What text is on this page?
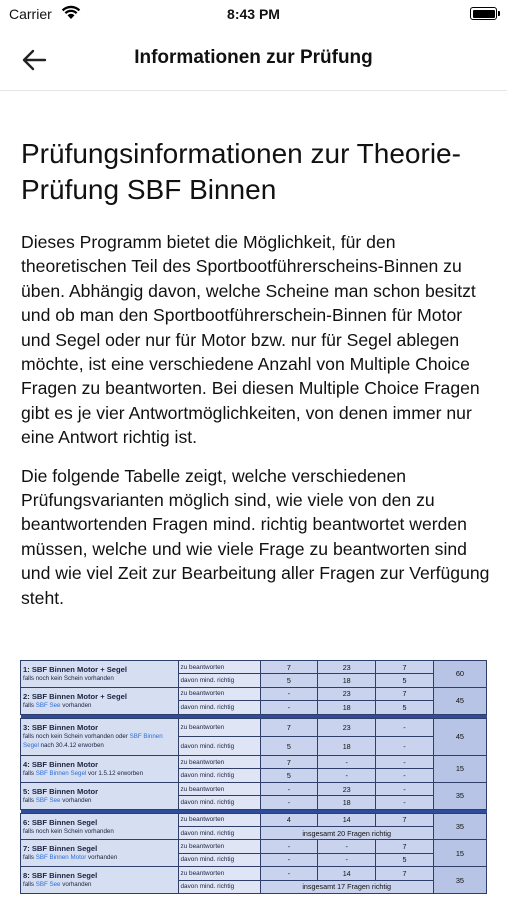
Carrier	8:43 PM
Informationen zur Prüfung
Prüfungsinformationen zur Theorie-Prüfung SBF Binnen

Dieses Programm bietet die Möglichkeit, für den theoretischen Teil des Sportbootführerscheins-Binnen zu üben. Abhängig davon, welche Scheine man schon besitzt und ob man den Sportbootführerschein-Binnen für Motor und Segel oder nur für Motor bzw. nur für Segel ablegen möchte, ist eine verschiedene Anzahl von Multiple Choice Fragen zu beantworten. Bei diesen Multiple Choice Fragen gibt es je vier Antwortmöglichkeiten, von denen immer nur eine Antwort richtig ist.

Die folgende Tabelle zeigt, welche verschiedenen Prüfungsvarianten möglich sind, wie viele von den zu beantwortenden Fragen mind. richtig beantwortet werden müssen, welche und wie viele Frage zu beantworten sind und wie viel Zeit zur Bearbeitung aller Fragen zur Verfügung steht.

1: SBF Binnen Motor + Segel
falls noch kein Schein vorhanden	zu beantworten	7	23	7	60
	davon mind. richtig	5	18	5	

2: SBF Binnen Motor + Segel
falls SBF See vorhanden	zu beantworten	-	23	7	45
	davon mind. richtig	-	18	5	

3: SBF Binnen Motor
falls noch kein Schein vorhanden oder SBF Binnen Segel nach 30.4.12 erworben	zu beantworten	7	23	-	45
	davon mind. richtig	5	18	-	

4: SBF Binnen Motor
falls SBF Binnen Segel vor 1.5.12 erworben	zu beantworten	7	-	-	15
	davon mind. richtig	5	-	-	

5: SBF Binnen Motor
falls SBF See vorhanden	zu beantworten	-	23	-	35
	davon mind. richtig	-	18	-	

6: SBF Binnen Segel
falls noch kein Schein vorhanden	zu beantworten	4	14	7	35
	davon mind. richtig	insgesamt 20 Fragen richtig			

7: SBF Binnen Segel
falls SBF Binnen Motor vorhanden	zu beantworten	-	-	7	15
	davon mind. richtig	-	-	5	

8: SBF Binnen Segel
falls SBF See vorhanden	zu beantworten	-	14	7	35
	davon mind. richtig	insgesamt 17 Fragen richtig			
